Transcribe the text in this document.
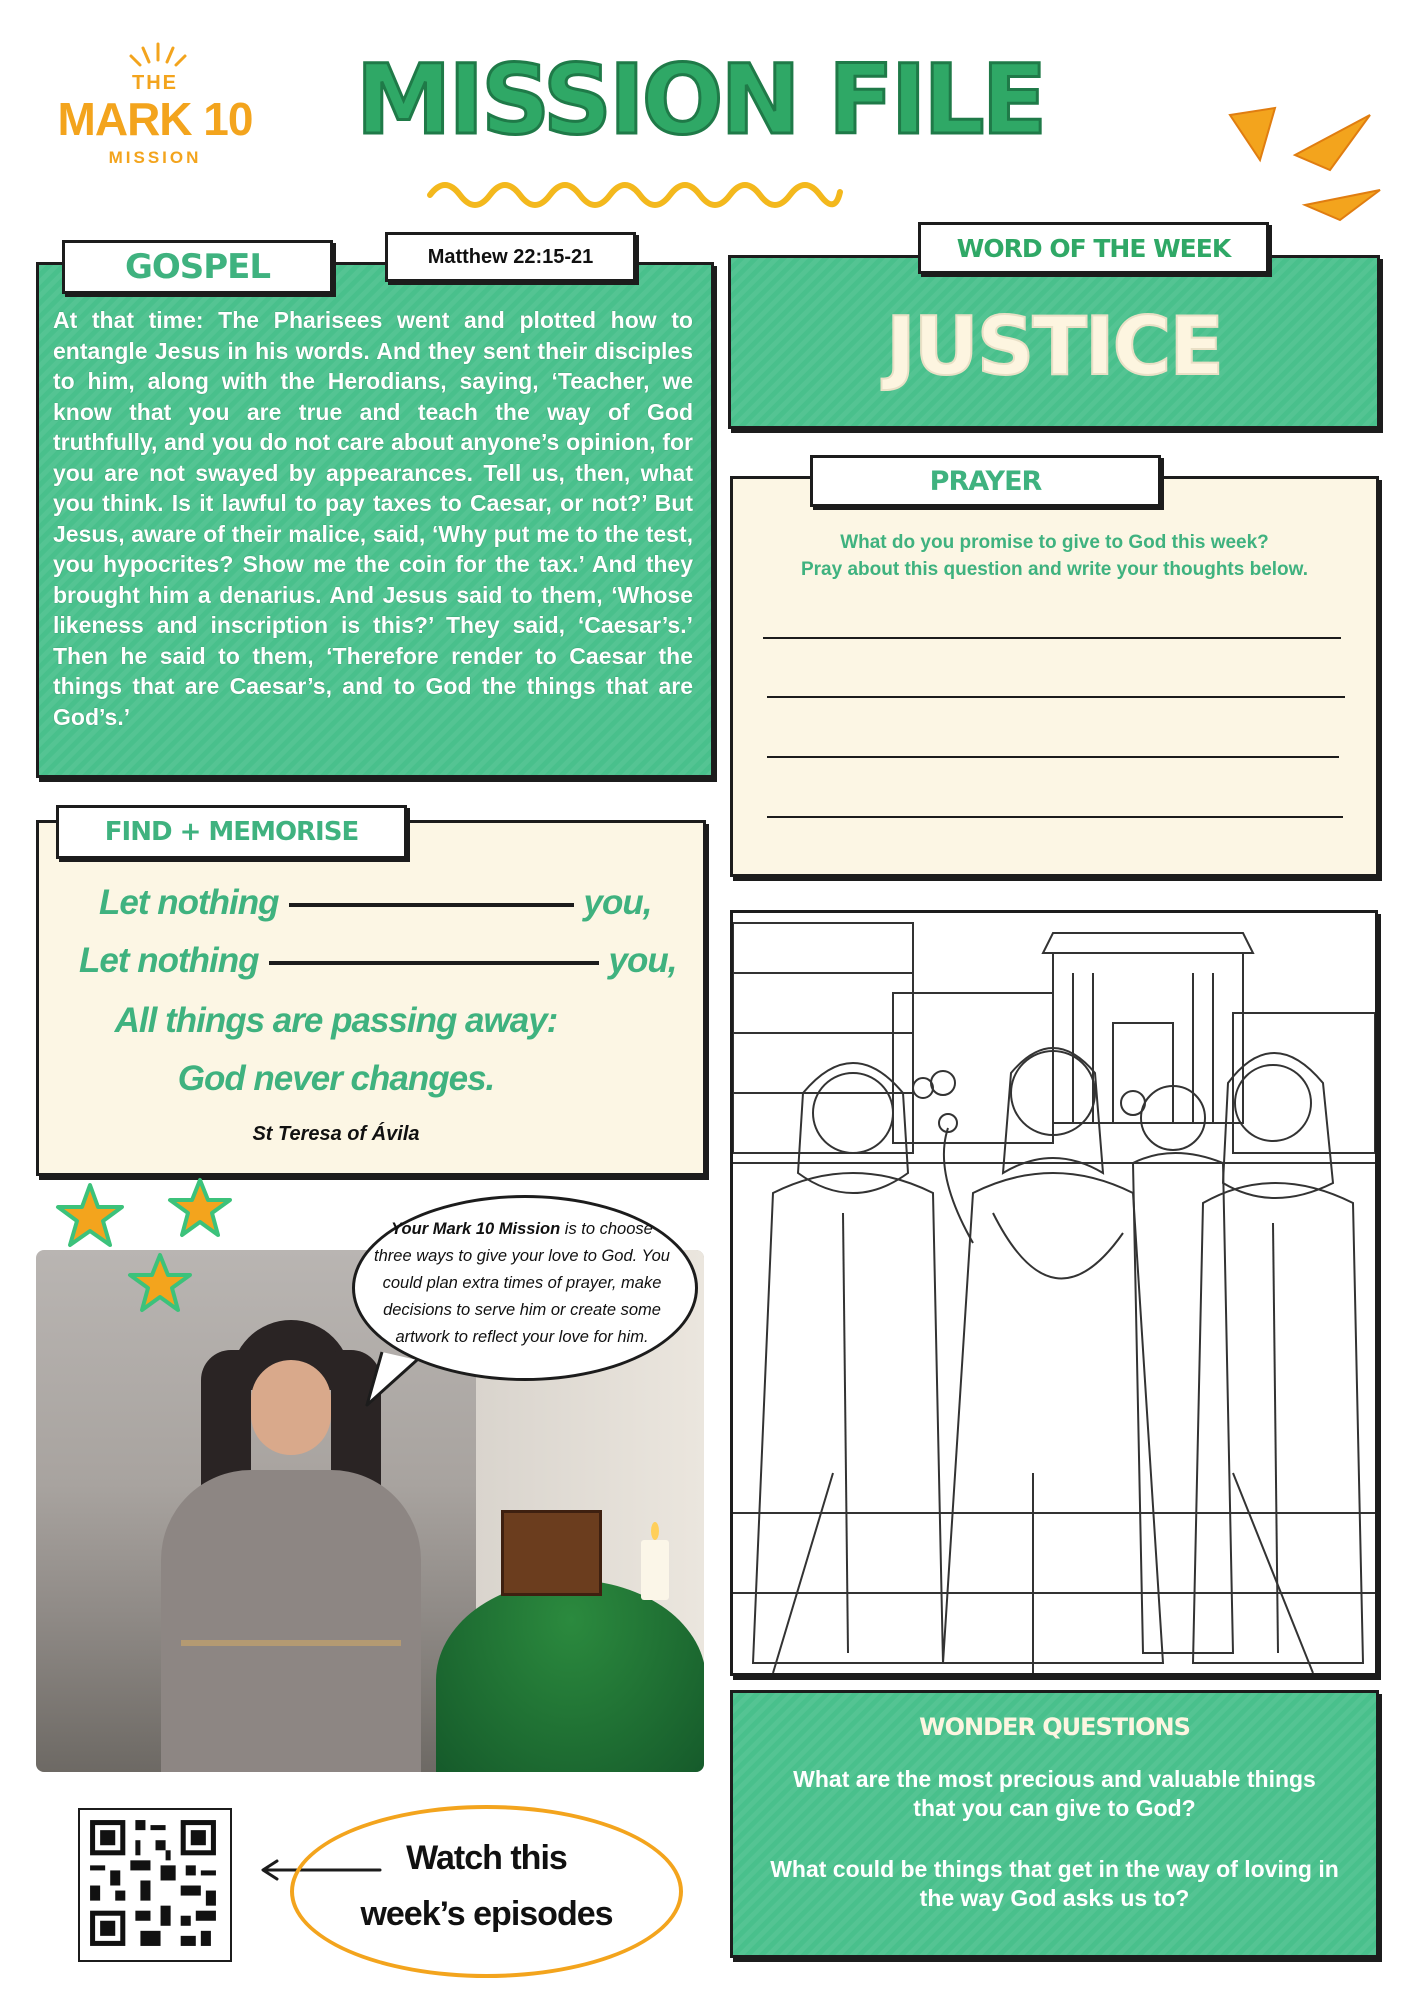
THE
MARK 10
MISSION
MISSION FILE
At that time: The Pharisees went and plotted how to entangle Jesus in his words. And they sent their disciples to him, along with the Herodians, saying, ‘Teacher, we know that you are true and teach the way of God truthfully, and you do not care about anyone’s opinion, for you are not swayed by appearances. Tell us, then, what you think. Is it lawful to pay taxes to Caesar, or not?’ But Jesus, aware of their malice, said, ‘Why put me to the test, you hypocrites? Show me the coin for the tax.’ And they brought him a denarius. And Jesus said to them, ‘Whose likeness and inscription is this?’ They said, ‘Caesar’s.’ Then he said to them, ‘Therefore render to Caesar the things that are Caesar’s, and to God the things that are God’s.’
GOSPEL	Matthew 22:15-21
JUSTICE
WORD OF THE WEEK
What do you promise to give to God this week?
Pray about this question and write your thoughts below.
PRAYER
Let nothing	you,
Let nothing	you,
All things are passing away:
God never changes.
St Teresa of Ávila
FIND + MEMORISE
Your Mark 10 Mission is to choose three ways to give your love to God. You could plan extra times of prayer, make decisions to serve him or create some artwork to reflect your love for him.
Watch this
week’s episodes
WONDER QUESTIONS
What are the most precious and valuable things that you can give to God?
What could be things that get in the way of loving in the way God asks us to?
